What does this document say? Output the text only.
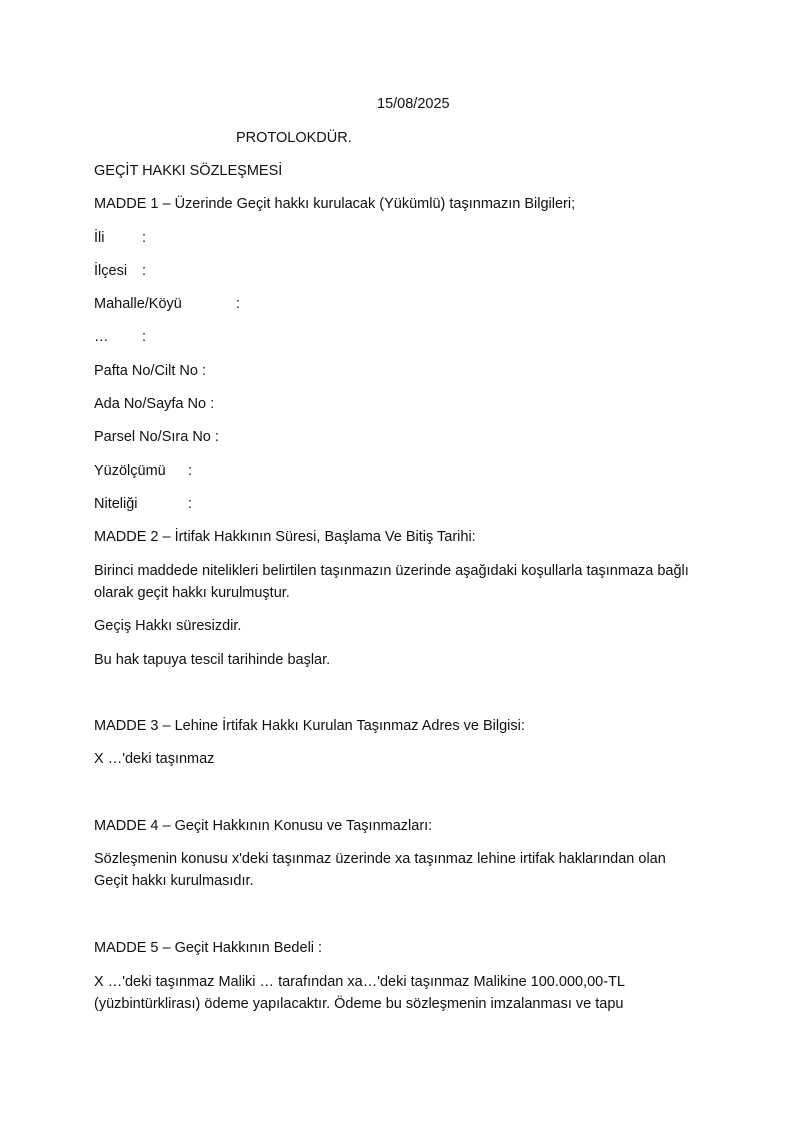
15/08/2025
PROTOLOKDÜR.
GEÇİT HAKKI SÖZLEŞMESİ
MADDE 1 – Üzerinde Geçit hakkı kurulacak (Yükümlü) taşınmazın Bilgileri;
İli	:
İlçesi :
Mahalle/Köyü	:
… :
Pafta No/Cilt No :
Ada No/Sayfa No :
Parsel No/Sıra No :
Yüzölçümü :
Niteliği	:
MADDE 2 – İrtifak Hakkının Süresi, Başlama Ve Bitiş Tarihi:
Birinci maddede nitelikleri belirtilen taşınmazın üzerinde aşağıdaki koşullarla taşınmaza bağlı olarak geçit hakkı kurulmuştur.
Geçiş Hakkı süresizdir.
Bu hak tapuya tescil tarihinde başlar.
MADDE 3 – Lehine İrtifak Hakkı Kurulan Taşınmaz Adres ve Bilgisi:
X …'deki taşınmaz
MADDE 4 – Geçit Hakkının Konusu ve Taşınmazları:
Sözleşmenin konusu x'deki taşınmaz üzerinde xa taşınmaz lehine irtifak haklarından olan Geçit hakkı kurulmasıdır.
MADDE 5 – Geçit Hakkının Bedeli :
X …'deki taşınmaz Maliki … tarafından xa…'deki taşınmaz Malikine 100.000,00-TL (yüzbintürklirası) ödeme yapılacaktır. Ödeme bu sözleşmenin imzalanması ve tapu
